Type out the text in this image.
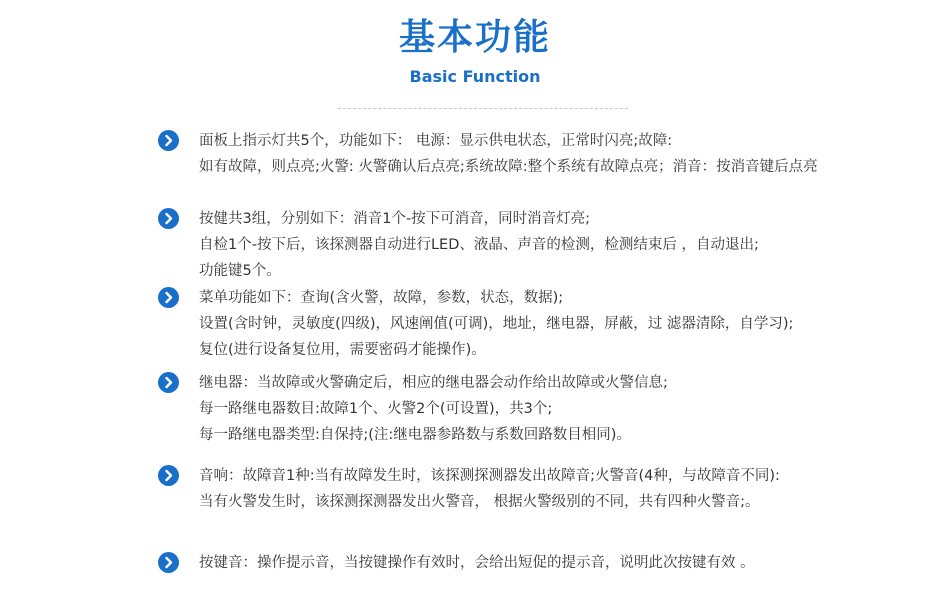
基本功能
Basic Function
面板上指示灯共5个，功能如下： 电源：显示供电状态，正常时闪亮;故障:
如有故障，则点亮;火警: 火警确认后点亮;系统故障:整个系统有故障点亮；消音：按消音键后点亮
按健共3组，分别如下：消音1个-按下可消音，同时消音灯亮;
自检1个-按下后，该探测器自动进行LED、液晶、声音的检测，检测结束后 ，自动退出;
功能键5个。
菜单功能如下：查询(含火警，故障，参数，状态，数据);
设置(含时钟，灵敏度(四级)，风速阐值(可调)，地址，继电器，屏蔽，过 滤器清除，自学习);
复位(进行设备复位用，需要密码才能操作)。
继电器：当故障或火警确定后，相应的继电器会动作给出故障或火警信息;
每一路继电器数目:故障1个、火警2个(可设置)，共3个;
每一路继电器类型:自保持;(注:继电器参路数与系数回路数目相同)。
音响：故障音1种:当有故障发生时，该探测探测器发出故障音;火警音(4种，与故障音不同):
当有火警发生时，该探测探测器发出火警音， 根据火警级别的不同，共有四种火警音;。
按键音：操作提示音，当按键操作有效时，会给出短促的提示音，说明此次按键有效 。
